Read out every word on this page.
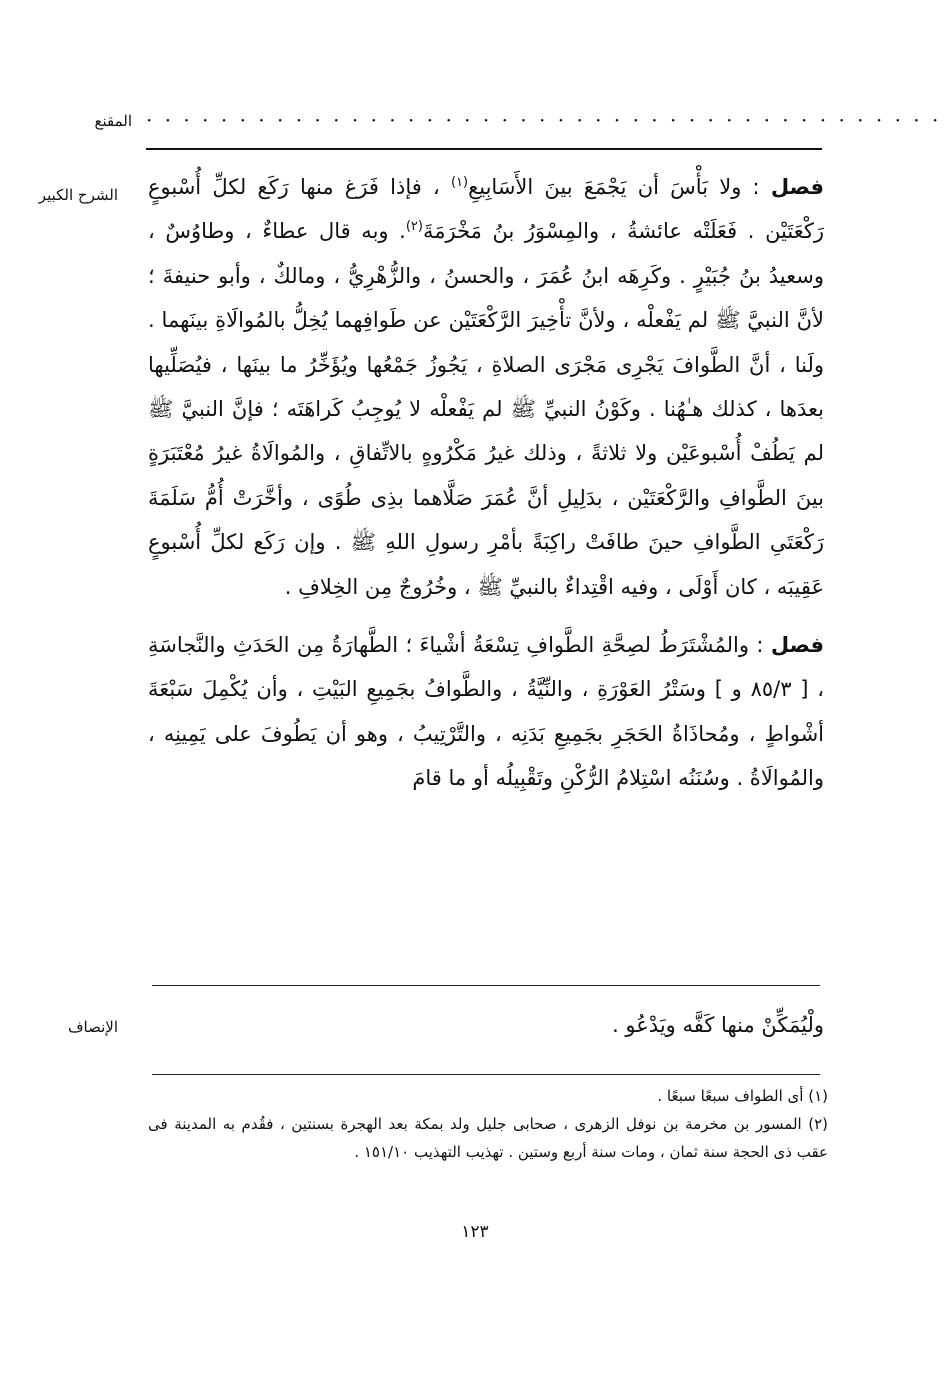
المقنع · · · · · · · · · · · · · · · · · · · · · · · · · · · · · · · · · · · · · · · · · · ·
الشرح الكبير	فصل : ولا بَأْسَ أن يَجْمَعَ بينَ الأَسَابِيعِ$^{(١)}$ ، فإذا فَرَغ منها رَكَع لكلِّ أُسْبوعٍ رَكْعَتَيْن . فَعَلَتْه عائشةُ ، والمِسْوَرُ بنُ مَخْرَمَةَ$^{(٢)}$. وبه قال عطاءٌ ، وطاوُسٌ ، وسعيدُ بنُ جُبَيْرٍ . وكَرِهَه ابنُ عُمَرَ ، والحسنُ ، والزُّهْرِيُّ ، ومالكٌ ، وأبو حنيفةَ ؛ لأنَّ النبيَّ ﷺ لم يَفْعلْه ، ولأنَّ تأْخِيرَ الرَّكْعَتَيْن عن طَوافِهما يُخِلُّ بالمُوالَاةِ بينَهما . ولَنا ، أنَّ الطَّوافَ يَجْرِى مَجْرَى الصلاةِ ، يَجُوزُ جَمْعُها ويُؤَخِّرُ ما بينَها ، فيُصَلِّيها بعدَها ، كذلك هـٰهُنا . وكَوْنُ النبيِّ ﷺ لم يَفْعلْه لا يُوجِبُ كَراهَتَه ؛ فإنَّ النبيَّ ﷺ لم يَطُفْ أُسْبوعَيْن ولا ثلاثةً ، وذلك غيرُ مَكْرُوهٍ بالاتِّفاقِ ، والمُوالَاةُ غيرُ مُعْتَبَرَةٍ بينَ الطَّوافِ والرَّكْعَتَيْن ، بدَلِيلِ أنَّ عُمَرَ صَلَّاهما بذِى طُوًى ، وأخَّرَتْ أُمُّ سَلَمَةَ رَكْعَتَىِ الطَّوافِ حينَ طافَتْ راكِبَةً بأمْرِ رسولِ اللهِ ﷺ . وإن رَكَع لكلِّ أُسْبوعٍ عَقِيبَه ، كان أَوْلَى ، وفيه اقْتِداءٌ بالنبيِّ ﷺ ، وخُرُوجٌ مِن الخِلافِ .

فصل : والمُشْتَرَطُ لصِحَّةِ الطَّوافِ تِسْعَةُ أشْياءَ ؛ الطَّهارَةُ مِن الحَدَثِ والنَّجاسَةِ ، [ ٨٥/٣ و ] وسَتْرُ العَوْرَةِ ، والنِّيَّةُ ، والطَّوافُ بجَمِيعِ البَيْتِ ، وأن يُكْمِلَ سَبْعَةَ أشْواطٍ ، ومُحاذَاةُ الحَجَرِ بجَمِيعِ بَدَنِه ، والتَّرْتِيبُ ، وهو أن يَطُوفَ على يَمِينِه ، والمُوالَاةُ . وسُنَنُه اسْتِلامُ الرُّكْنِ وتَقْبِيلُه أو ما قامَ

الإنصاف	ولْيُمَكِّنْ منها كَفَّه ويَدْعُو .

(١) أى الطواف سبعًا سبعًا .

(٢) المسور بن مخرمة بن نوفل الزهرى ، صحابى جليل ولد بمكة بعد الهجرة بسنتين ، فقُدم به المدينة فى عقب ذى الحجة سنة ثمان ، ومات سنة أربع وستين . تهذيب التهذيب ١٥١/١٠ .

١٢٣
